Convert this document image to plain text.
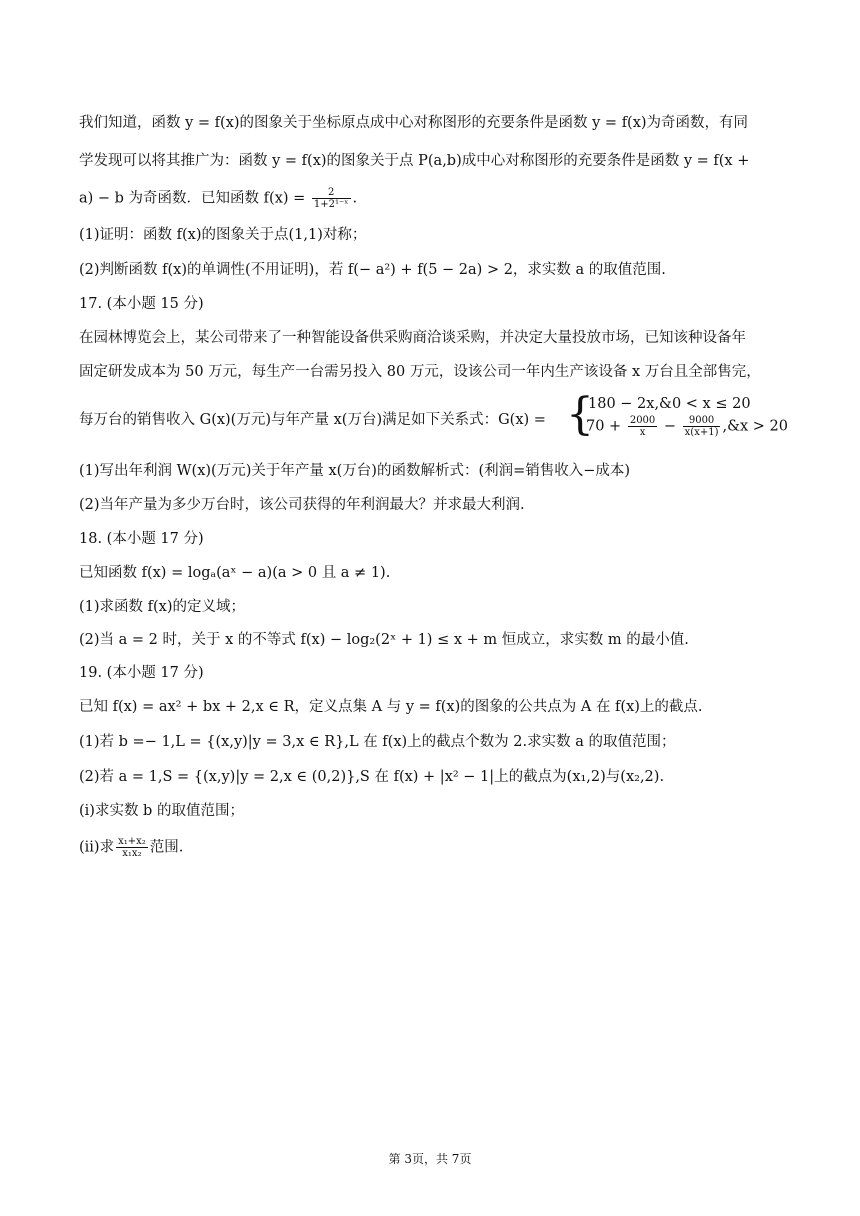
我们知道，函数 y = f(x)的图象关于坐标原点成中心对称图形的充要条件是函数 y = f(x)为奇函数，有同
学发现可以将其推广为：函数 y = f(x)的图象关于点 P(a,b)成中心对称图形的充要条件是函数 y = f(x +
a) − b 为奇函数．已知函数 $f(x) = \frac{2}{\text{1+2¹⁻ˣ}}$ .
(1)证明：函数 f(x)的图象关于点(1,1)对称；
(2)判断函数 f(x)的单调性(不用证明)，若 f(− a²) + f(5 − 2a) > 2，求实数 a 的取值范围.
17. (本小题 15 分)
在园林博览会上，某公司带来了一种智能设备供采购商洽谈采购，并决定大量投放市场，已知该种设备年
固定研发成本为 50 万元，每生产一台需另投入 80 万元，设该公司一年内生产该设备 x 万台且全部售完，
每万台的销售收入 G(x)(万元)与年产量 x(万台)满足如下关系式：G(x) = {
180 − 2x,&0 < x ≤ 20
$70 + \frac{2000}{x} - \frac{9000}{x(x+1)}$ ,&x > 20
(1)写出年利润 W(x)(万元)关于年产量 x(万台)的函数解析式：(利润=销售收入−成本)
(2)当年产量为多少万台时，该公司获得的年利润最大？并求最大利润.
18. (本小题 17 分)
已知函数 f(x) = logₐ(aˣ − a)(a > 0 且 a ≠ 1).
(1)求函数 f(x)的定义域；
(2)当 a = 2 时，关于 x 的不等式 f(x) − log₂(2ˣ + 1) ≤ x + m 恒成立，求实数 m 的最小值.
19. (本小题 17 分)
已知 f(x) = ax² + bx + 2,x ∈ R，定义点集 A 与 y = f(x)的图象的公共点为 A 在 f(x)上的截点.
(1)若 b =− 1,L = {(x,y)|y = 3,x ∈ R},L 在 f(x)上的截点个数为 2.求实数 a 的取值范围；
(2)若 a = 1,S = {(x,y)|y = 2,x ∈ (0,2)},S 在 f(x) + |x² − 1|上的截点为(x₁,2)与(x₂,2).
(i)求实数 b 的取值范围；
(ii)求 $\frac{\text{x₁+x₂}}{\text{x₁x₂}}$ 范围.
第 3页，共 7页
